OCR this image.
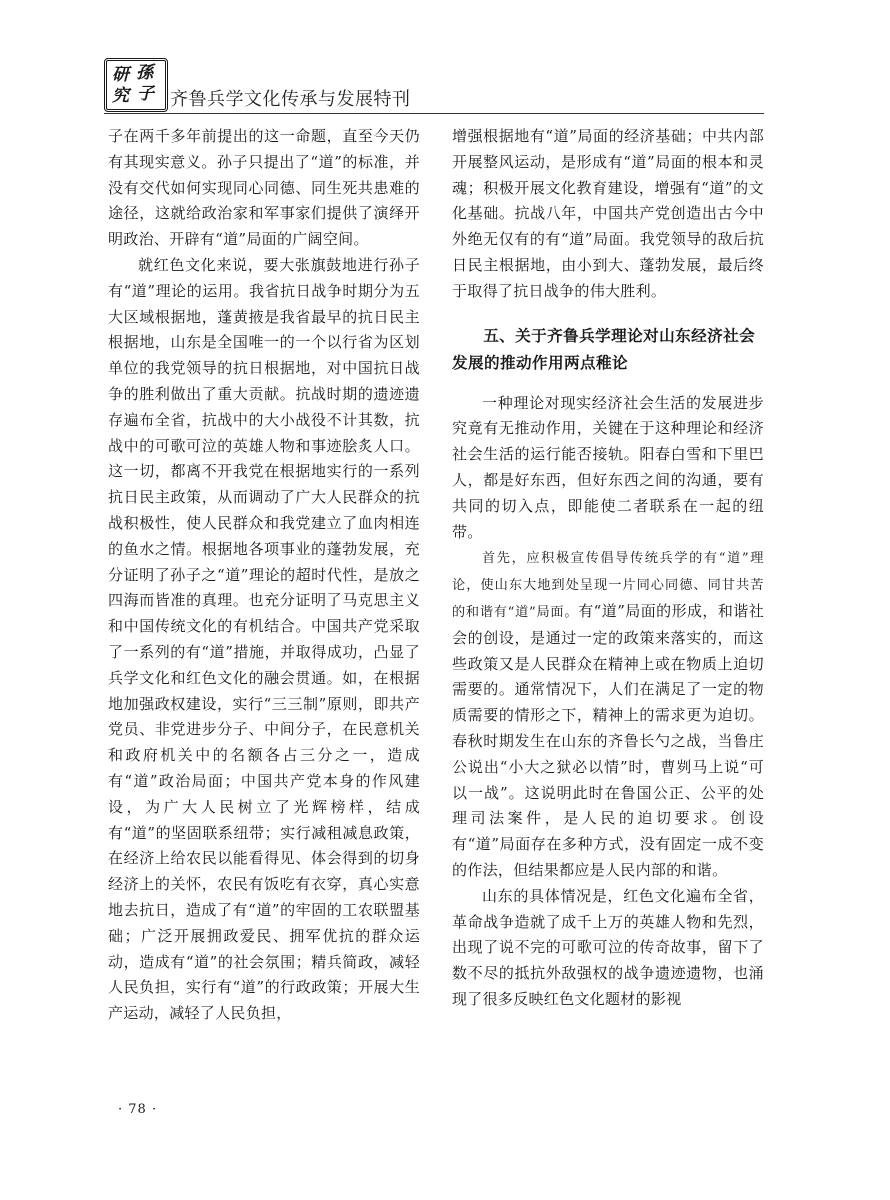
研 孫
究 子 齐鲁兵学文化传承与发展特刊

子在两千多年前提出的这一命题，直至今天仍有其现实意义。孙子只提出了“道”的标准，并没有交代如何实现同心同德、同生死共患难的途径，这就给政治家和军事家们提供了演绎开明政治、开辟有“道”局面的广阔空间。

就红色文化来说，要大张旗鼓地进行孙子有“道”理论的运用。我省抗日战争时期分为五大区域根据地，蓬黄掖是我省最早的抗日民主根据地，山东是全国唯一的一个以行省为区划单位的我党领导的抗日根据地，对中国抗日战争的胜利做出了重大贡献。抗战时期的遗迹遗存遍布全省，抗战中的大小战役不计其数，抗战中的可歌可泣的英雄人物和事迹脍炙人口。这一切，都离不开我党在根据地实行的一系列抗日民主政策，从而调动了广大人民群众的抗战积极性，使人民群众和我党建立了血肉相连的鱼水之情。根据地各项事业的蓬勃发展，充分证明了孙子之“道”理论的超时代性，是放之四海而皆准的真理。也充分证明了马克思主义和中国传统文化的有机结合。中国共产党采取了一系列的有“道”措施，并取得成功，凸显了兵学文化和红色文化的融会贯通。如，在根据地加强政权建设，实行“三三制”原则，即共产党员、非党进步分子、中间分子，在民意机关和政府机关中的名额各占三分之一，造成有“道”政治局面；中国共产党本身的作风建设，为广大人民树立了光辉榜样，结成有“道”的坚固联系纽带；实行减租减息政策，在经济上给农民以能看得见、体会得到的切身经济上的关怀，农民有饭吃有衣穿，真心实意地去抗日，造成了有“道”的牢固的工农联盟基础；广泛开展拥政爱民、拥军优抗的群众运动，造成有“道”的社会氛围；精兵简政，减轻人民负担，实行有“道”的行政政策；开展大生产运动，减轻了人民负担，

增强根据地有“道”局面的经济基础；中共内部开展整风运动，是形成有“道”局面的根本和灵魂；积极开展文化教育建设，增强有“道”的文化基础。抗战八年，中国共产党创造出古今中外绝无仅有的有“道”局面。我党领导的敌后抗日民主根据地，由小到大、蓬勃发展，最后终于取得了抗日战争的伟大胜利。

五、关于齐鲁兵学理论对山东经济社会发展的推动作用两点稚论

一种理论对现实经济社会生活的发展进步究竟有无推动作用，关键在于这种理论和经济社会生活的运行能否接轨。阳春白雪和下里巴人，都是好东西，但好东西之间的沟通，要有共同的切入点，即能使二者联系在一起的纽带。

首先，应积极宣传倡导传统兵学的有“道”理论，使山东大地到处呈现一片同心同德、同甘共苦的和谐有“道”局面。有“道”局面的形成，和谐社会的创设，是通过一定的政策来落实的，而这些政策又是人民群众在精神上或在物质上迫切需要的。通常情况下，人们在满足了一定的物质需要的情形之下，精神上的需求更为迫切。春秋时期发生在山东的齐鲁长勺之战，当鲁庄公说出“小大之狱必以情”时，曹刿马上说“可以一战”。这说明此时在鲁国公正、公平的处理司法案件，是人民的迫切要求。创设有“道”局面存在多种方式，没有固定一成不变的作法，但结果都应是人民内部的和谐。

山东的具体情况是，红色文化遍布全省，革命战争造就了成千上万的英雄人物和先烈，出现了说不完的可歌可泣的传奇故事，留下了数不尽的抵抗外敌强权的战争遗迹遗物，也涌现了很多反映红色文化题材的影视

· 78 ·
